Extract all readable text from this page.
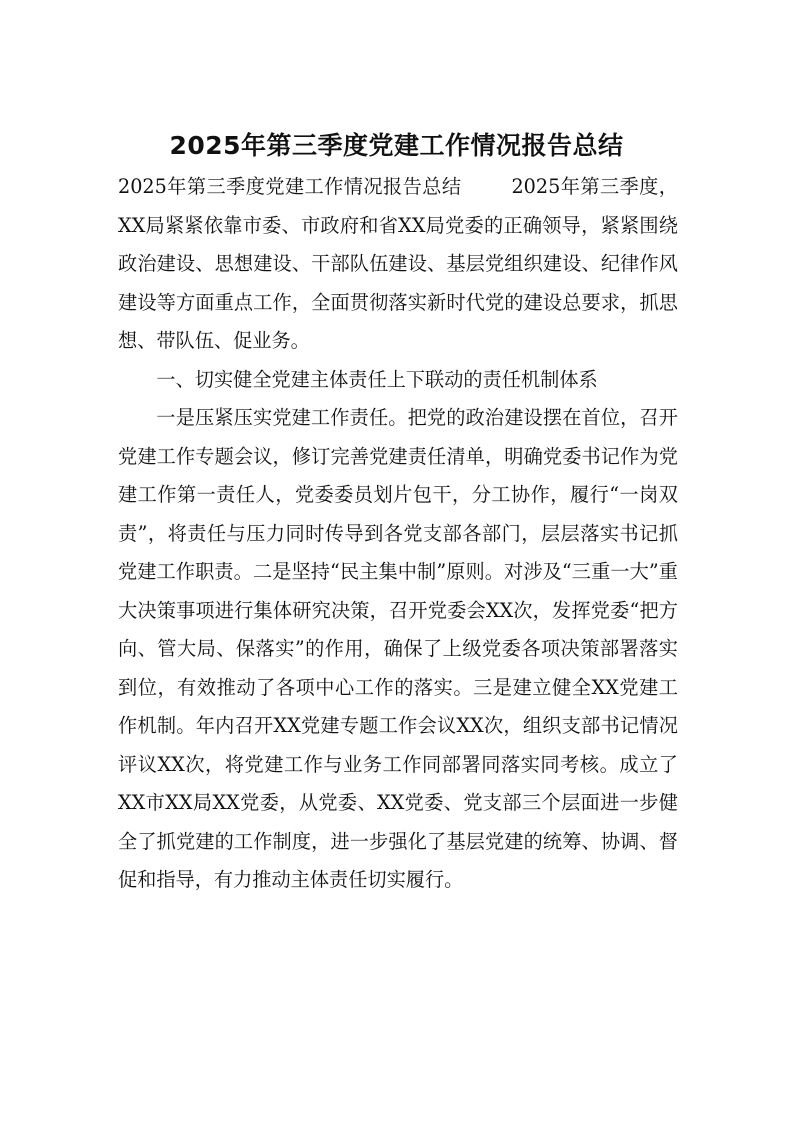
2025年第三季度党建工作情况报告总结

2025年第三季度党建工作情况报告总结	2025年第三季度，XX局紧紧依靠市委、市政府和省XX局党委的正确领导，紧紧围绕政治建设、思想建设、干部队伍建设、基层党组织建设、纪律作风建设等方面重点工作，全面贯彻落实新时代党的建设总要求，抓思想、带队伍、促业务。

一、切实健全党建主体责任上下联动的责任机制体系

一是压紧压实党建工作责任。把党的政治建设摆在首位，召开党建工作专题会议，修订完善党建责任清单，明确党委书记作为党建工作第一责任人，党委委员划片包干，分工协作，履行“一岗双责”，将责任与压力同时传导到各党支部各部门，层层落实书记抓党建工作职责。二是坚持“民主集中制”原则。对涉及“三重一大”重大决策事项进行集体研究决策，召开党委会XX次，发挥党委“把方向、管大局、保落实”的作用，确保了上级党委各项决策部署落实到位，有效推动了各项中心工作的落实。三是建立健全XX党建工作机制。年内召开XX党建专题工作会议XX次，组织支部书记情况评议XX次，将党建工作与业务工作同部署同落实同考核。成立了XX市XX局XX党委，从党委、XX党委、党支部三个层面进一步健全了抓党建的工作制度，进一步强化了基层党建的统筹、协调、督促和指导，有力推动主体责任切实履行。
